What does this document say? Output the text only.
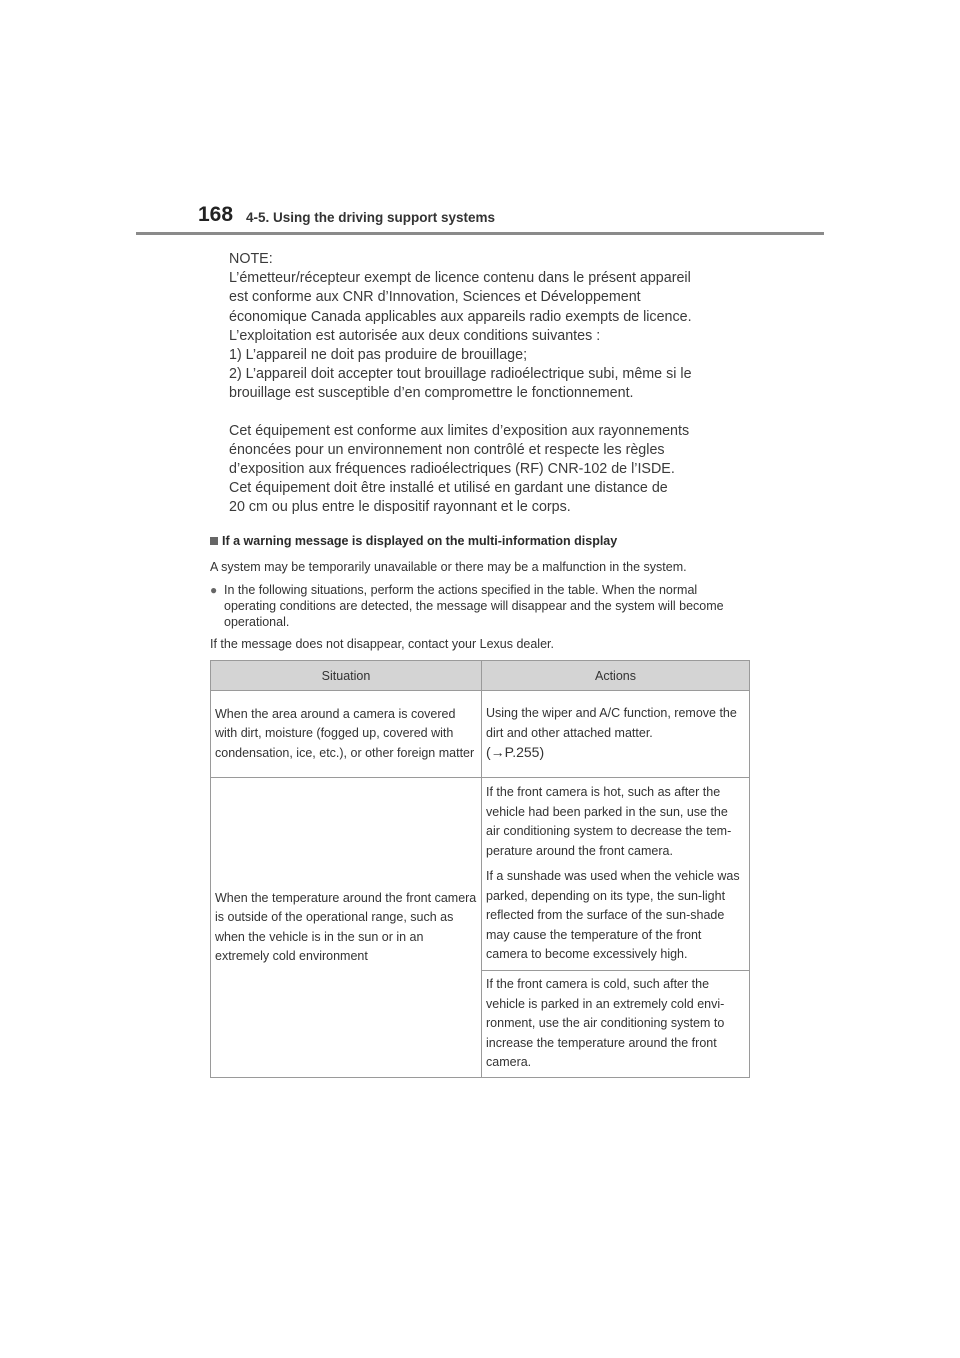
168 4-5. Using the driving support systems

NOTE:
L’émetteur/récepteur exempt de licence contenu dans le présent appareil
est conforme aux CNR d’Innovation, Sciences et Développement
économique Canada applicables aux appareils radio exempts de licence.
L’exploitation est autorisée aux deux conditions suivantes :
1) L’appareil ne doit pas produire de brouillage;
2) L’appareil doit accepter tout brouillage radioélectrique subi, même si le
brouillage est susceptible d’en compromettre le fonctionnement.

Cet équipement est conforme aux limites d’exposition aux rayonnements
énoncées pour un environnement non contrôlé et respecte les règles
d’exposition aux fréquences radioélectriques (RF) CNR-102 de l’ISDE.
Cet équipement doit être installé et utilisé en gardant une distance de
20 cm ou plus entre le dispositif rayonnant et le corps.

If a warning message is displayed on the multi-information display
A system may be temporarily unavailable or there may be a malfunction in the system.
● In the following situations, perform the actions specified in the table. When the normal operating conditions are detected, the message will disappear and the system will become operational.
If the message does not disappear, contact your Lexus dealer.
Situation	Actions
When the area around a camera is covered with dirt, moisture (fogged up, covered with condensation, ice, etc.), or other foreign matter	Using the wiper and A/C function, remove the dirt and other attached matter.
(→P.255)
When the temperature around the front camera is outside of the operational range, such as when the vehicle is in the sun or in an extremely cold environment	If the front camera is hot, such as after the vehicle had been parked in the sun, use the air conditioning system to decrease the tem-perature around the front camera.
If a sunshade was used when the vehicle was parked, depending on its type, the sun-light reflected from the surface of the sun-shade may cause the temperature of the front camera to become excessively high.

	If the front camera is cold, such after the vehicle is parked in an extremely cold envi-ronment, use the air conditioning system to increase the temperature around the front camera.
